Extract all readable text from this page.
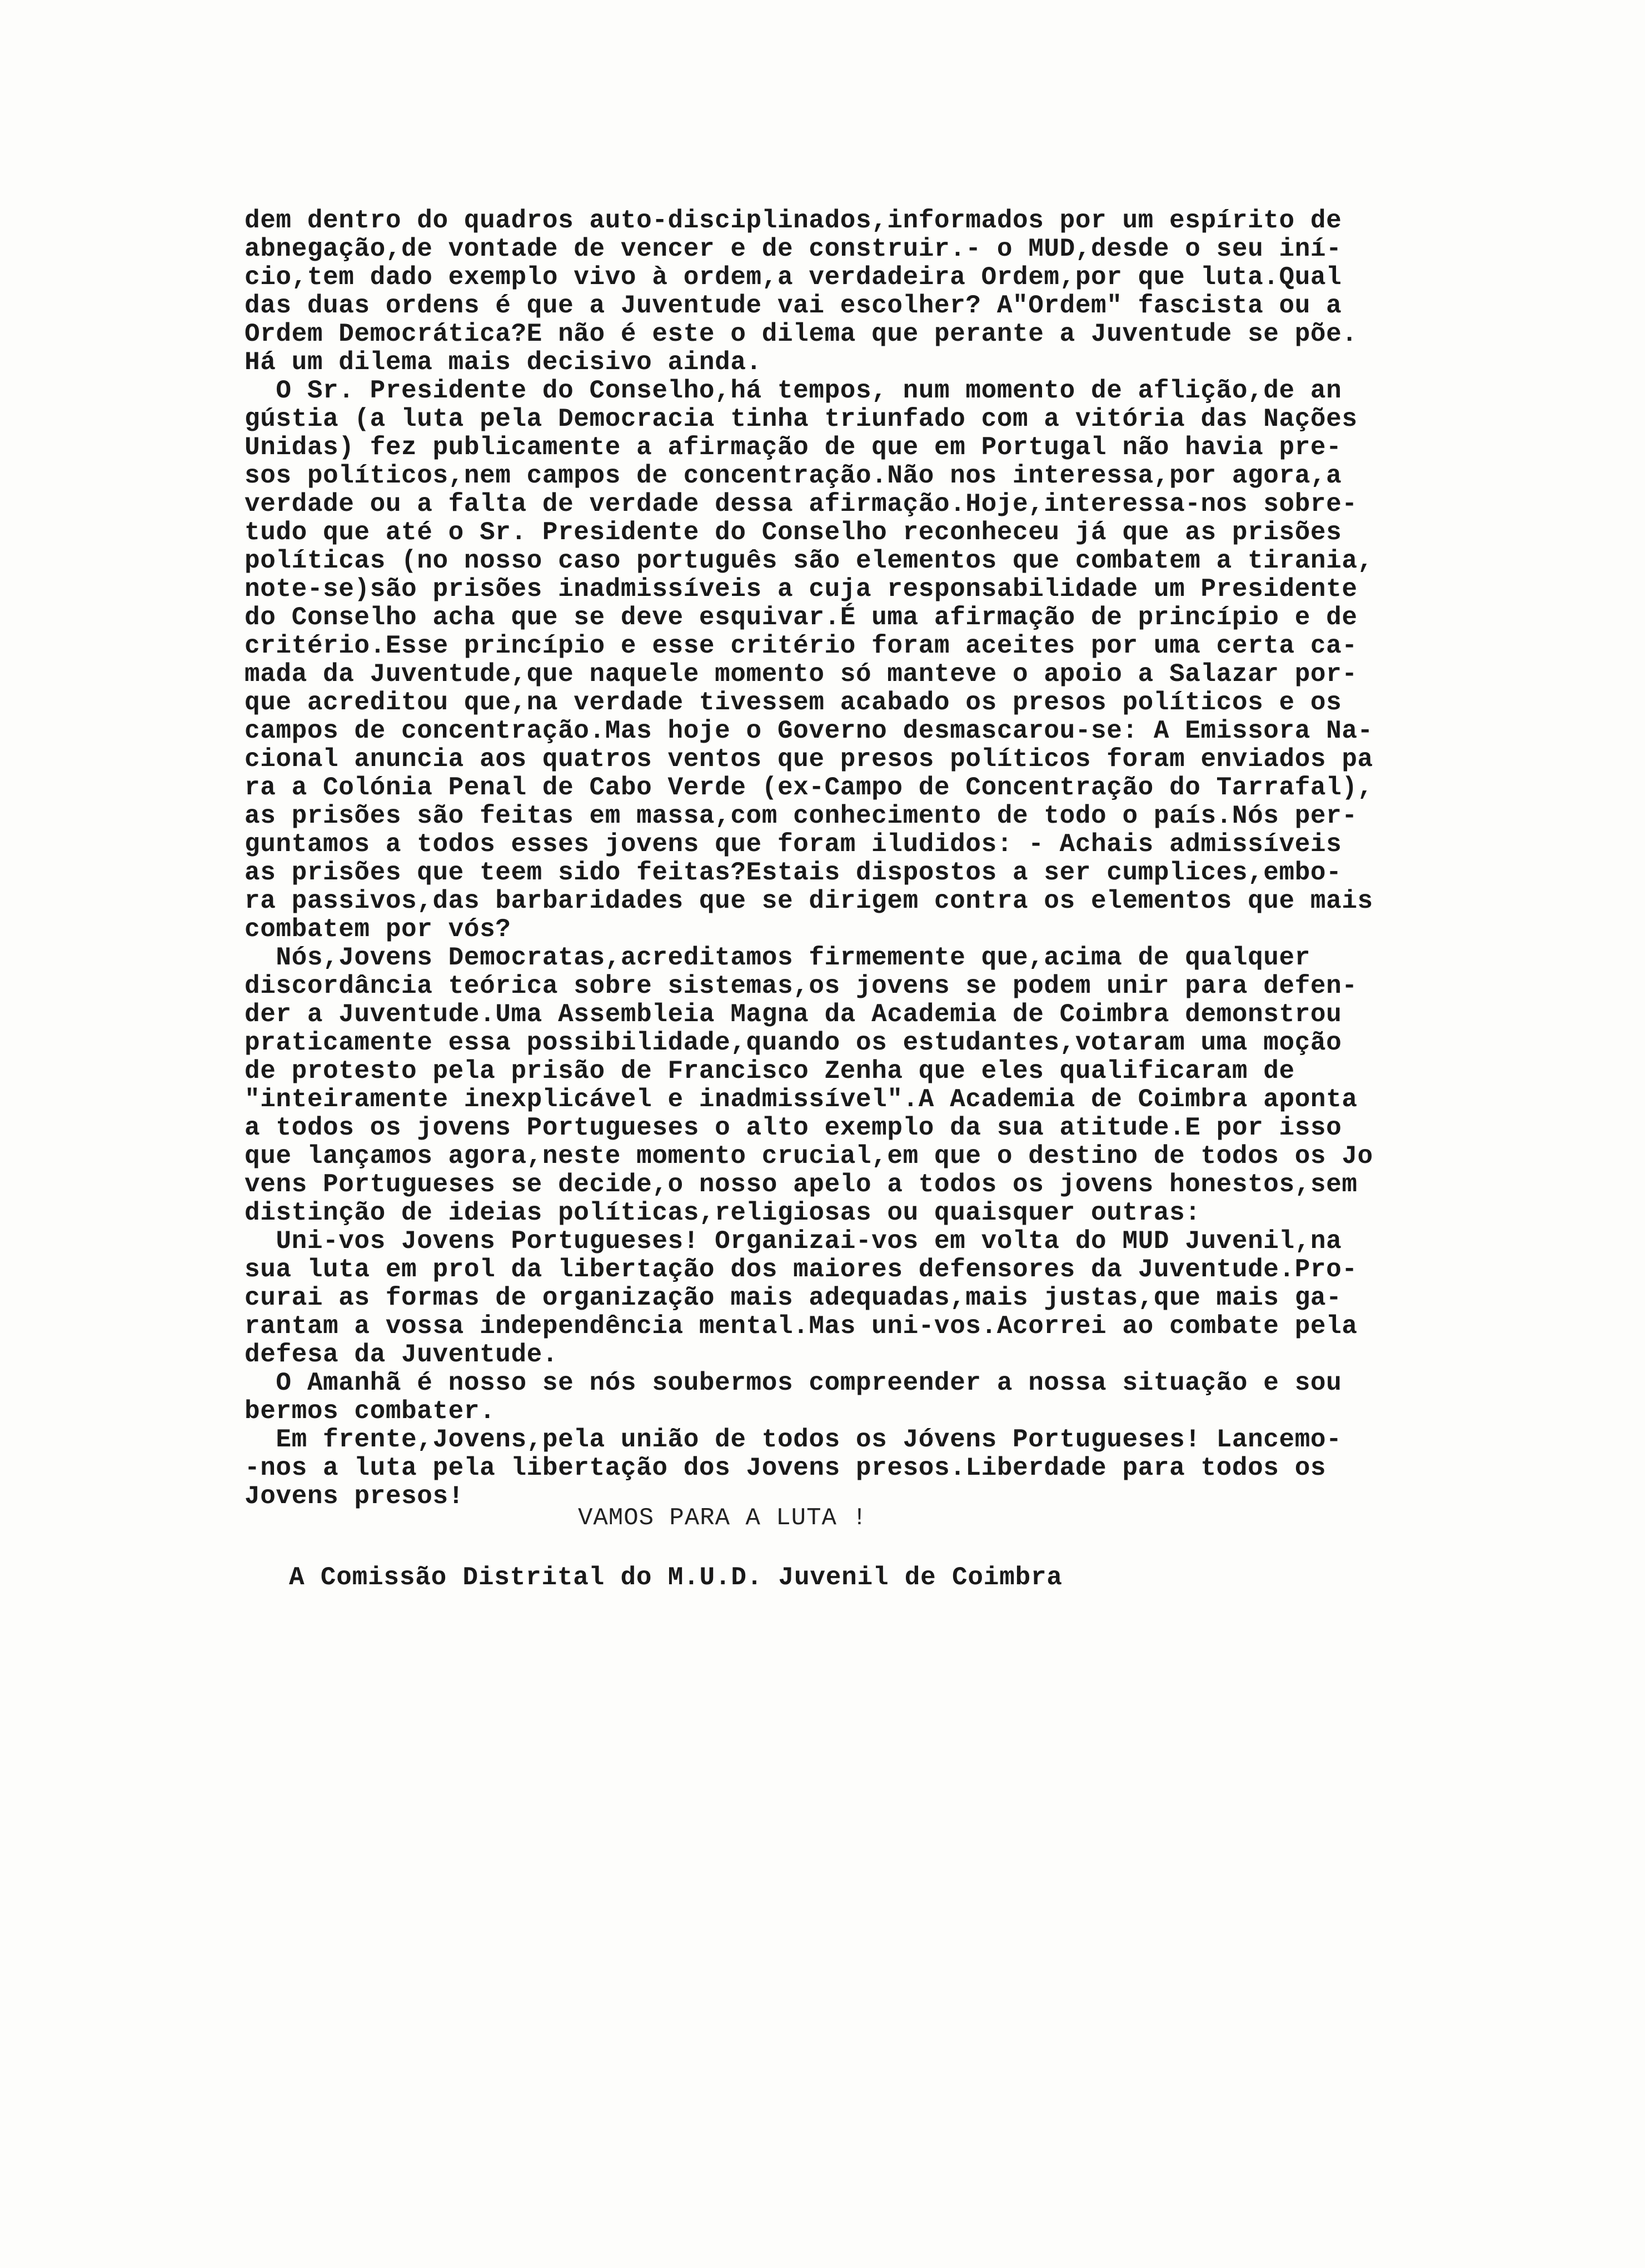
dem dentro do quadros auto-disciplinados,informados por um espírito de
abnegação,de vontade de vencer e de construir.- o MUD,desde o seu iní-
cio,tem dado exemplo vivo à ordem,a verdadeira Ordem,por que luta.Qual
das duas ordens é que a Juventude vai escolher? A"Ordem" fascista ou a
Ordem Democrática?E não é este o dilema que perante a Juventude se põe.
Há um dilema mais decisivo ainda.
O Sr. Presidente do Conselho,há tempos, num momento de aflição,de an
gústia (a luta pela Democracia tinha triunfado com a vitória das Nações
Unidas) fez publicamente a afirmação de que em Portugal não havia pre-
sos políticos,nem campos de concentração.Não nos interessa,por agora,a
verdade ou a falta de verdade dessa afirmação.Hoje,interessa-nos sobre-
tudo que até o Sr. Presidente do Conselho reconheceu já que as prisões
políticas (no nosso caso português são elementos que combatem a tirania,
note-se)são prisões inadmissíveis a cuja responsabilidade um Presidente
do Conselho acha que se deve esquivar.É uma afirmação de princípio e de
critério.Esse princípio e esse critério foram aceites por uma certa ca-
mada da Juventude,que naquele momento só manteve o apoio a Salazar por-
que acreditou que,na verdade tivessem acabado os presos políticos e os
campos de concentração.Mas hoje o Governo desmascarou-se: A Emissora Na-
cional anuncia aos quatros ventos que presos políticos foram enviados pa
ra a Colónia Penal de Cabo Verde (ex-Campo de Concentração do Tarrafal),
as prisões são feitas em massa,com conhecimento de todo o país.Nós per-
guntamos a todos esses jovens que foram iludidos: - Achais admissíveis
as prisões que teem sido feitas?Estais dispostos a ser cumplices,embo-
ra passivos,das barbaridades que se dirigem contra os elementos que mais
combatem por vós?
Nós,Jovens Democratas,acreditamos firmemente que,acima de qualquer
discordância teórica sobre sistemas,os jovens se podem unir para defen-
der a Juventude.Uma Assembleia Magna da Academia de Coimbra demonstrou
praticamente essa possibilidade,quando os estudantes,votaram uma moção
de protesto pela prisão de Francisco Zenha que eles qualificaram de
"inteiramente inexplicável e inadmissível".A Academia de Coimbra aponta
a todos os jovens Portugueses o alto exemplo da sua atitude.E por isso
que lançamos agora,neste momento crucial,em que o destino de todos os Jo
vens Portugueses se decide,o nosso apelo a todos os jovens honestos,sem
distinção de ideias políticas,religiosas ou quaisquer outras:
Uni-vos Jovens Portugueses! Organizai-vos em volta do MUD Juvenil,na
sua luta em prol da libertação dos maiores defensores da Juventude.Pro-
curai as formas de organização mais adequadas,mais justas,que mais ga-
rantam a vossa independência mental.Mas uni-vos.Acorrei ao combate pela
defesa da Juventude.
O Amanhã é nosso se nós soubermos compreender a nossa situação e sou
bermos combater.
Em frente,Jovens,pela união de todos os Jóvens Portugueses! Lancemo-
-nos a luta pela libertação dos Jovens presos.Liberdade para todos os
Jovens presos!
VAMOS PARA A LUTA !
A Comissão Distrital do M.U.D. Juvenil de Coimbra
